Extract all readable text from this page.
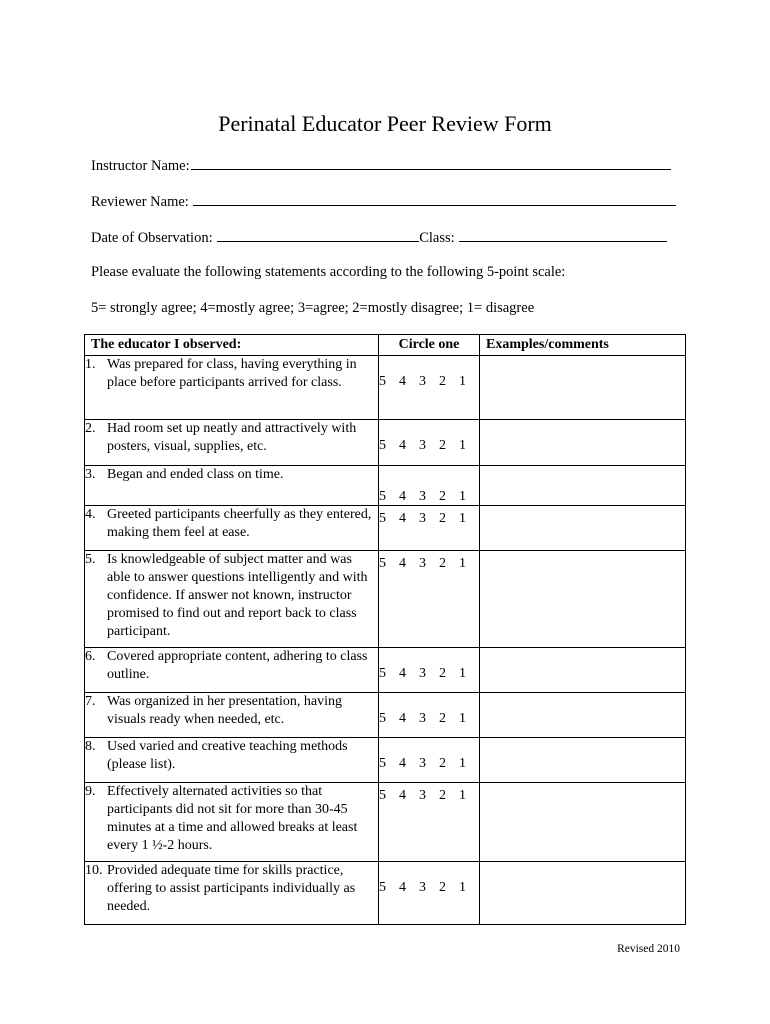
Perinatal Educator Peer Review Form
Instructor Name:
Reviewer Name:
Date of Observation:	Class:
Please evaluate the following statements according to the following 5-point scale:
5= strongly agree; 4=mostly agree; 3=agree; 2=mostly disagree; 1= disagree
The educator I observed:	Circle one	Examples/comments

1. Was prepared for class, having everything in place before participants arrived for class.	5 4 3 2 1	

2. Had room set up neatly and attractively with posters, visual, supplies, etc.	5 4 3 2 1	

3. Began and ended class on time.	5 4 3 2 1	

4. Greeted participants cheerfully as they entered, making them feel at ease.	5 4 3 2 1	

5. Is knowledgeable of subject matter and was able to answer questions intelligently and with confidence. If answer not known, instructor promised to find out and report back to class participant.	5 4 3 2 1	

6. Covered appropriate content, adhering to class outline.	5 4 3 2 1	

7. Was organized in her presentation, having visuals ready when needed, etc.	5 4 3 2 1	

8. Used varied and creative teaching methods (please list).	5 4 3 2 1	

9. Effectively alternated activities so that participants did not sit for more than 30-45 minutes at a time and allowed breaks at least every 1 ½-2 hours.	5 4 3 2 1	

10. Provided adequate time for skills practice, offering to assist participants individually as needed.	5 4 3 2 1	

Revised 2010
